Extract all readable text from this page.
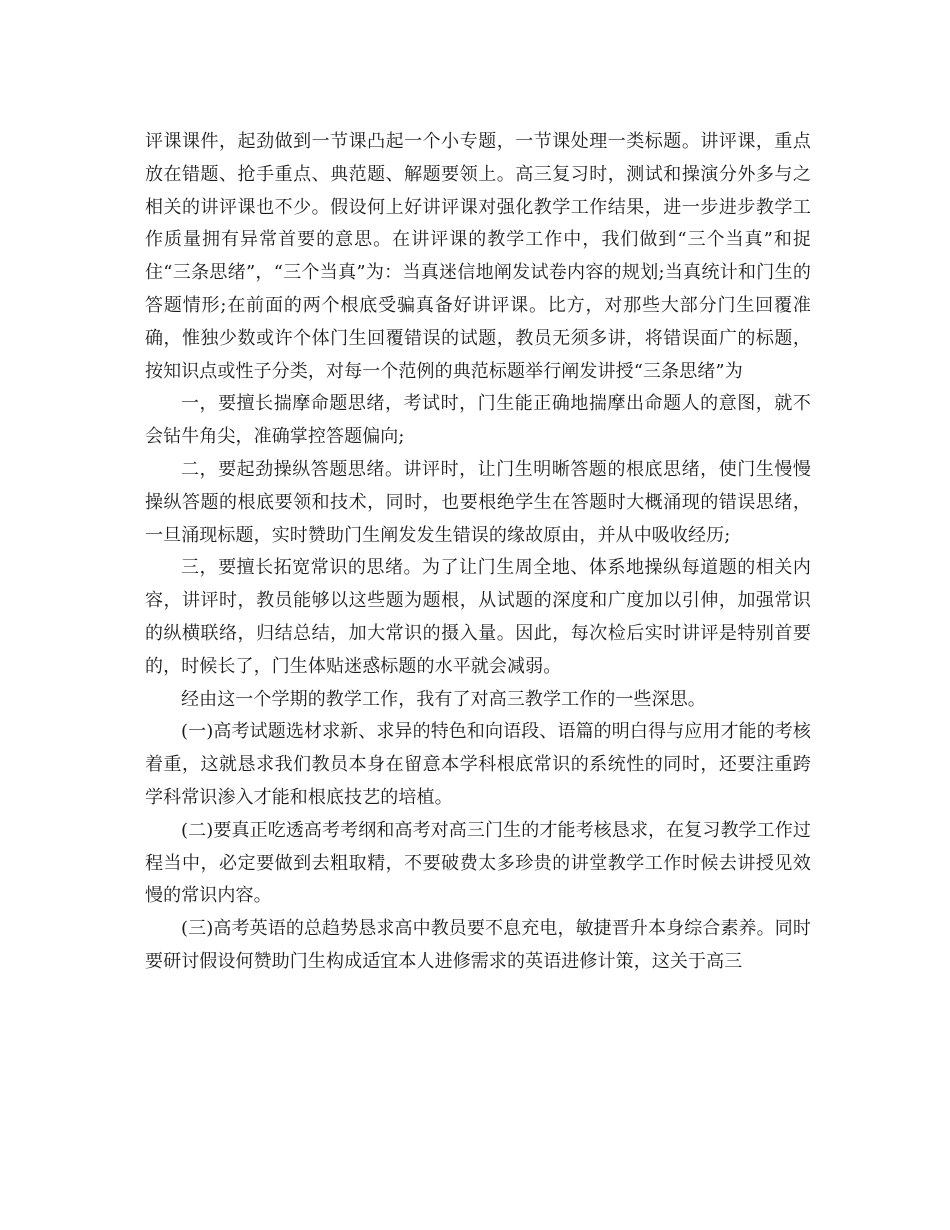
评课课件，起劲做到一节课凸起一个小专题，一节课处理一类标题。讲评课，重点放在错题、抢手重点、典范题、解题要领上。高三复习时，测试和操演分外多与之相关的讲评课也不少。假设何上好讲评课对强化教学工作结果，进一步进步教学工作质量拥有异常首要的意思。在讲评课的教学工作中，我们做到“三个当真”和捉住“三条思绪”，“三个当真”为：当真迷信地阐发试卷内容的规划;当真统计和门生的答题情形;在前面的两个根底受骗真备好讲评课。比方，对那些大部分门生回覆准确，惟独少数或许个体门生回覆错误的试题，教员无须多讲，将错误面广的标题，按知识点或性子分类，对每一个范例的典范标题举行阐发讲授“三条思绪”为

一，要擅长揣摩命题思绪，考试时，门生能正确地揣摩出命题人的意图，就不会钻牛角尖，准确掌控答题偏向;

二，要起劲操纵答题思绪。讲评时，让门生明晰答题的根底思绪，使门生慢慢操纵答题的根底要领和技术，同时，也要根绝学生在答题时大概涌现的错误思绪，一旦涌现标题，实时赞助门生阐发发生错误的缘故原由，并从中吸收经历;

三，要擅长拓宽常识的思绪。为了让门生周全地、体系地操纵每道题的相关内容，讲评时，教员能够以这些题为题根，从试题的深度和广度加以引伸，加强常识的纵横联络，归结总结，加大常识的摄入量。因此，每次检后实时讲评是特别首要的，时候长了，门生体贴迷惑标题的水平就会减弱。

经由这一个学期的教学工作，我有了对高三教学工作的一些深思。

(一)高考试题选材求新、求异的特色和向语段、语篇的明白得与应用才能的考核着重，这就恳求我们教员本身在留意本学科根底常识的系统性的同时，还要注重跨学科常识渗入才能和根底技艺的培植。

(二)要真正吃透高考考纲和高考对高三门生的才能考核恳求，在复习教学工作过程当中，必定要做到去粗取精，不要破费太多珍贵的讲堂教学工作时候去讲授见效慢的常识内容。

(三)高考英语的总趋势恳求高中教员要不息充电，敏捷晋升本身综合素养。同时要研讨假设何赞助门生构成适宜本人进修需求的英语进修计策，这关于高三
